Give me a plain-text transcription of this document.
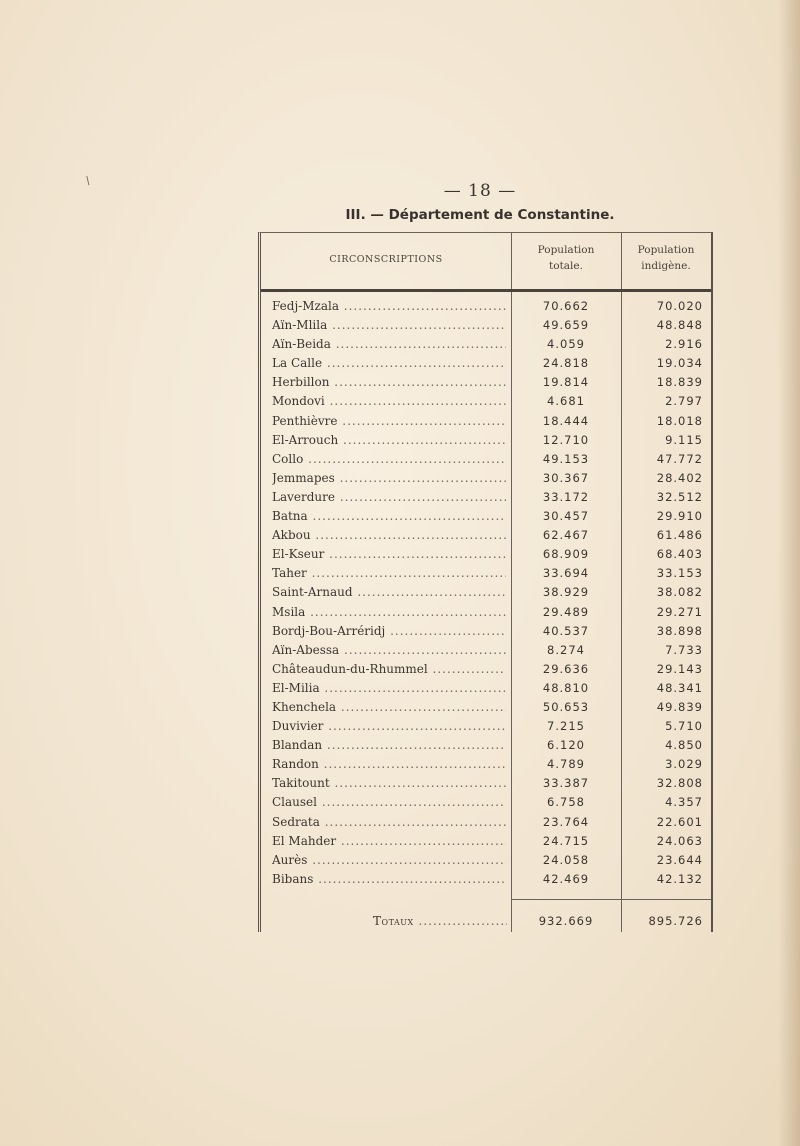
/
— 18 —
III. — Département de Constantine.
CIRCONSCRIPTIONS
Population
totale.
Population
indigène.
Fedj-Mzala .....	70.662	70.020
Aïn-Mlila .....	49.659	48.848
Aïn-Beida .....	4.059	2.916
La Calle .....	24.818	19.034
Herbillon .....	19.814	18.839
Mondovi .....	4.681	2.797
Penthièvre .....	18.444	18.018
El-Arrouch .....	12.710	9.115
Collo .....	49.153	47.772
Jemmapes .....	30.367	28.402
Laverdure .....	33.172	32.512
Batna .....	30.457	29.910
Akbou .....	62.467	61.486
El-Kseur .....	68.909	68.403
Taher .....	33.694	33.153
Saint-Arnaud .....	38.929	38.082
Msila .....	29.489	29.271
Bordj-Bou-Arréridj .....	40.537	38.898
Aïn-Abessa .....	8.274	7.733
Châteaudun-du-Rhummel .....	29.636	29.143
El-Milia .....	48.810	48.341
Khenchela .....	50.653	49.839
Duvivier .....	7.215	5.710
Blandan .....	6.120	4.850
Randon .....	4.789	3.029
Takitount .....	33.387	32.808
Clausel .....	6.758	4.357
Sedrata .....	23.764	22.601
El Mahder .....	24.715	24.063
Aurès .....	24.058	23.644
Bibans .....	42.469	42.132
Totaux .....	932.669	895.726
